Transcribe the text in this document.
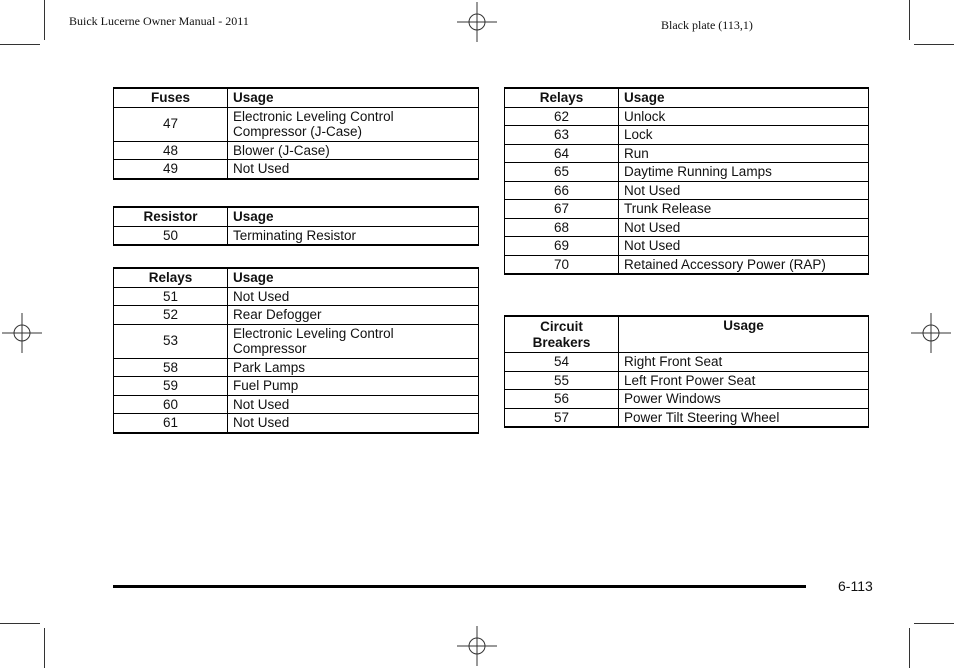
Buick Lucerne Owner Manual - 2011	Black plate (113,1)
Fuses	Usage
47	Electronic Leveling Control Compressor (J-Case)
48	Blower (J-Case)
49	Not Used
Resistor	Usage
50	Terminating Resistor
Relays	Usage
51	Not Used
52	Rear Defogger
53	Electronic Leveling Control Compressor
58	Park Lamps
59	Fuel Pump
60	Not Used
61	Not Used
Relays	Usage
62	Unlock
63	Lock
64	Run
65	Daytime Running Lamps
66	Not Used
67	Trunk Release
68	Not Used
69	Not Used
70	Retained Accessory Power (RAP)
Circuit Breakers	Usage
54	Right Front Seat
55	Left Front Power Seat
56	Power Windows
57	Power Tilt Steering Wheel
6-113
